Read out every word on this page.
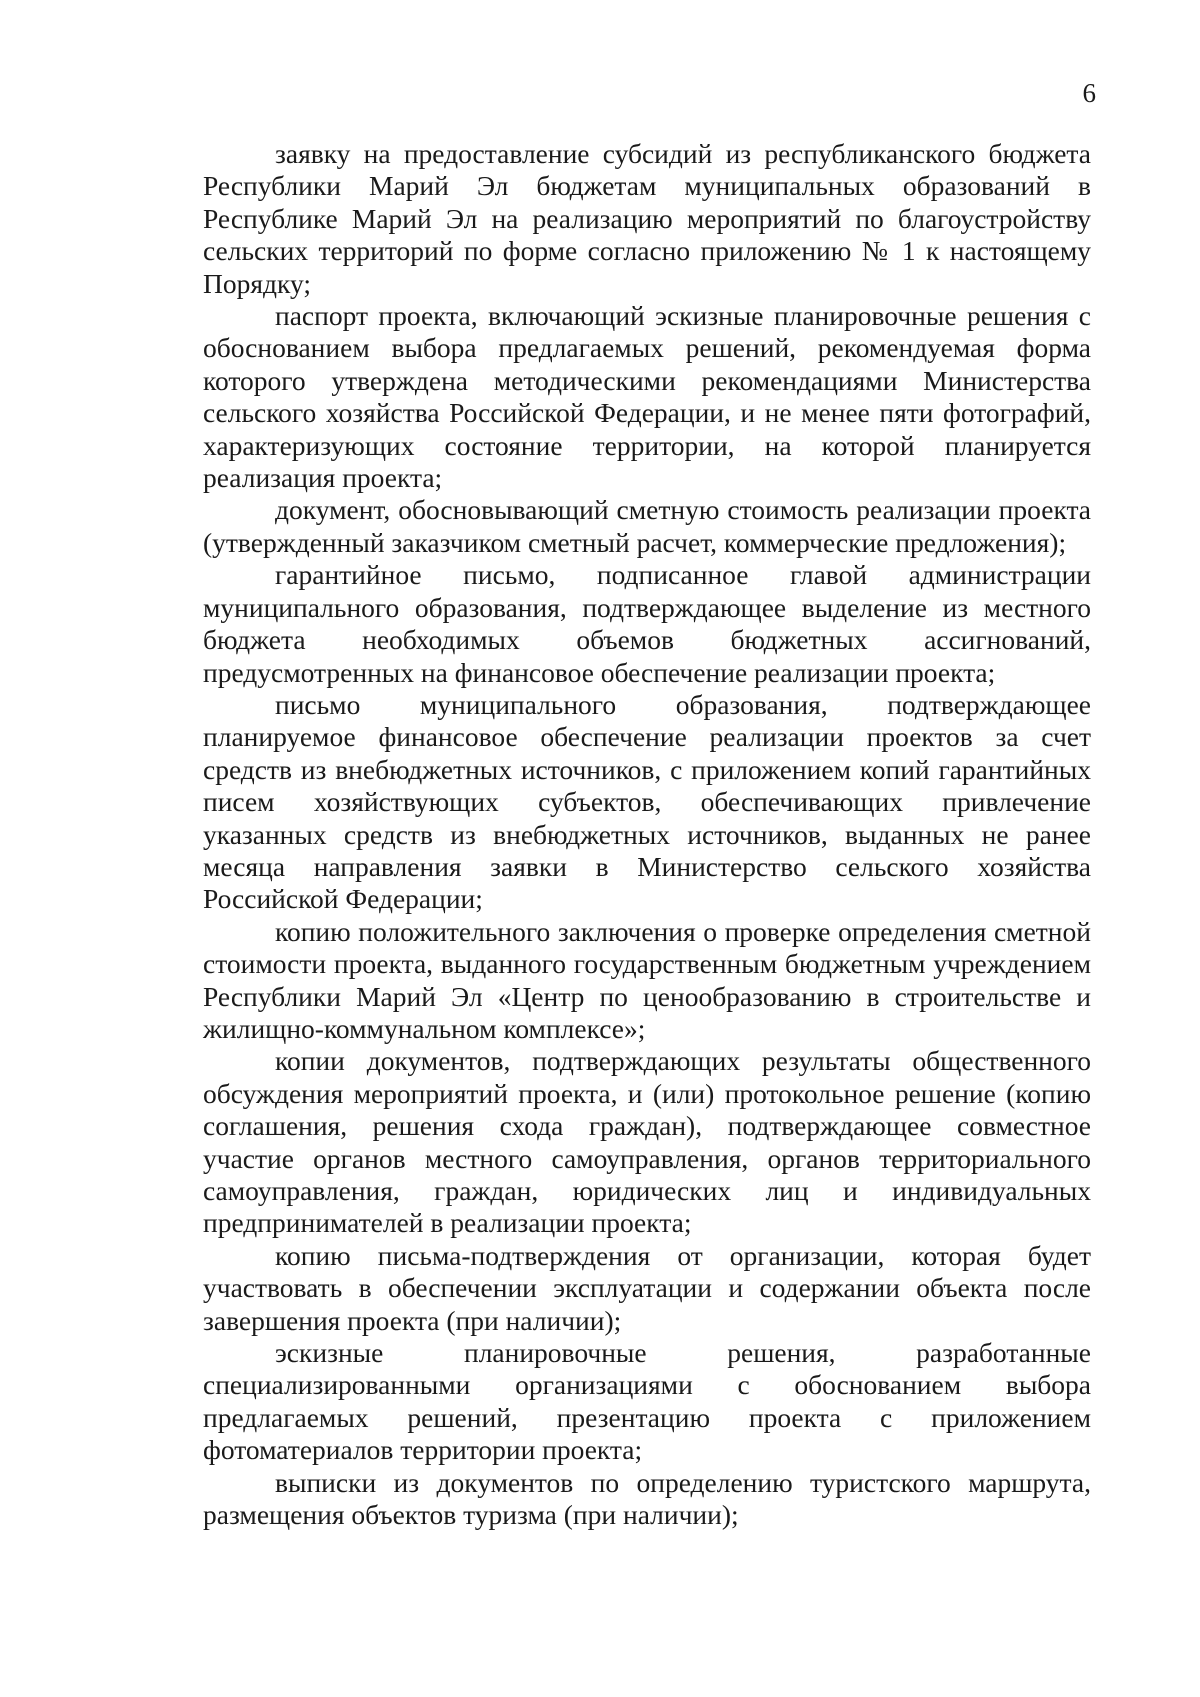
6

заявку на предоставление субсидий из республиканского бюджета Республики Марий Эл бюджетам муниципальных образований в Республике Марий Эл на реализацию мероприятий по благоустройству сельских территорий по форме согласно приложению № 1 к настоящему Порядку;

паспорт проекта, включающий эскизные планировочные решения с обоснованием выбора предлагаемых решений, рекомендуемая форма которого утверждена методическими рекомендациями Министерства сельского хозяйства Российской Федерации, и не менее пяти фотографий, характеризующих состояние территории, на которой планируется реализация проекта;

документ, обосновывающий сметную стоимость реализации проекта (утвержденный заказчиком сметный расчет, коммерческие предложения);

гарантийное письмо, подписанное главой администрации муниципального образования, подтверждающее выделение из местного бюджета необходимых объемов бюджетных ассигнований, предусмотренных на финансовое обеспечение реализации проекта;

письмо муниципального образования, подтверждающее планируемое финансовое обеспечение реализации проектов за счет средств из внебюджетных источников, с приложением копий гарантийных писем хозяйствующих субъектов, обеспечивающих привлечение указанных средств из внебюджетных источников, выданных не ранее месяца направления заявки в Министерство сельского хозяйства Российской Федерации;

копию положительного заключения о проверке определения сметной стоимости проекта, выданного государственным бюджетным учреждением Республики Марий Эл «Центр по ценообразованию в строительстве и жилищно-коммунальном комплексе»;

копии документов, подтверждающих результаты общественного обсуждения мероприятий проекта, и (или) протокольное решение (копию соглашения, решения схода граждан), подтверждающее совместное участие органов местного самоуправления, органов территориального самоуправления, граждан, юридических лиц и индивидуальных предпринимателей в реализации проекта;

копию письма-подтверждения от организации, которая будет участвовать в обеспечении эксплуатации и содержании объекта после завершения проекта (при наличии);

эскизные планировочные решения, разработанные специализированными организациями с обоснованием выбора предлагаемых решений, презентацию проекта с приложением фотоматериалов территории проекта;

выписки из документов по определению туристского маршрута, размещения объектов туризма (при наличии);
